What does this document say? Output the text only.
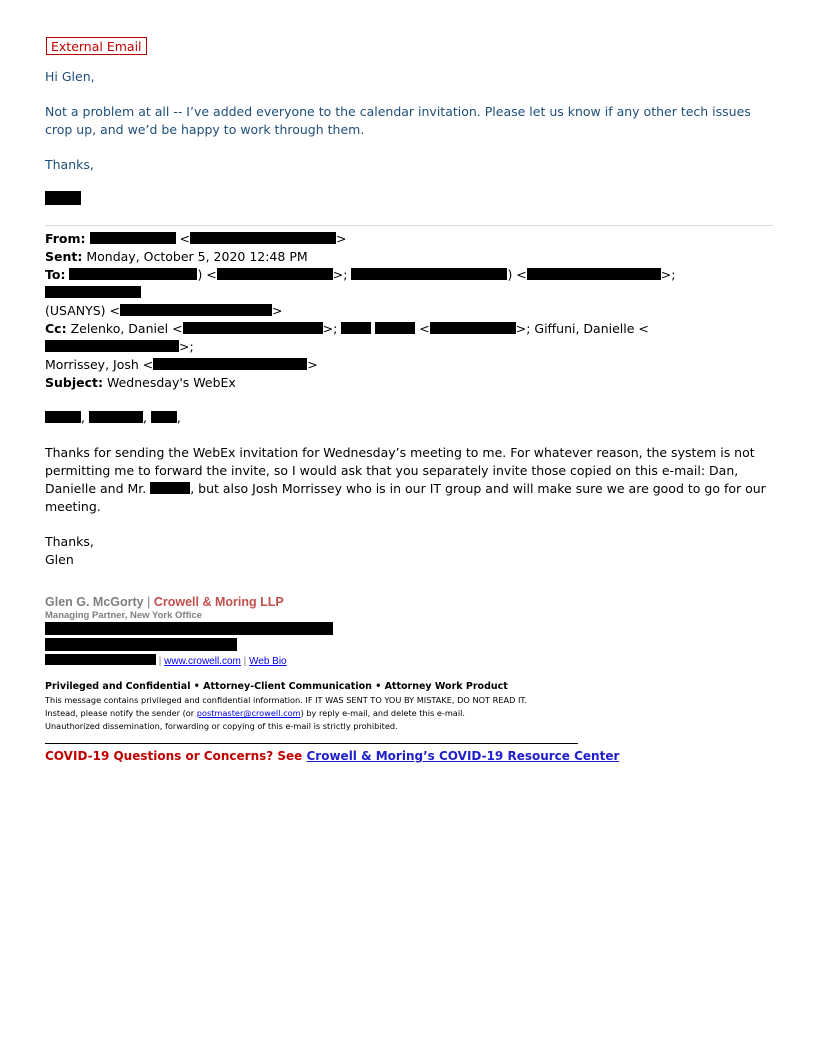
External Email

Hi Glen,

Not a problem at all -- I’ve added everyone to the calendar invitation. Please let us know if any other tech issues crop up, and we’d be happy to work through them.

Thanks,

From:	<	>
Sent: Monday, October 5, 2020 12:48 PM
To:	) <	>;	) <	>;
(USANYS) <	>
Cc: Zelenko, Daniel <	>;	<	>; Giffuni, Danielle <>;
Morrissey, Josh <	>
Subject: Wednesday's WebEx
,	, ,

Thanks for sending the WebEx invitation for Wednesday’s meeting to me. For whatever reason, the system is not permitting me to forward the invite, so I would ask that you separately invite those copied on this e-mail: Dan, Danielle and Mr.	, but also Josh Morrissey who is in our IT group and will make sure we are good to go for our meeting.

Thanks,

Glen

Glen G. McGorty | Crowell & Moring LLP
Managing Partner, New York Office
| www.crowell.com | Web Bio
Privileged and Confidential • Attorney-Client Communication • Attorney Work Product
This message contains privileged and confidential information. IF IT WAS SENT TO YOU BY MISTAKE, DO NOT READ IT.
Instead, please notify the sender (or postmaster@crowell.com) by reply e-mail, and delete this e-mail.
Unauthorized dissemination, forwarding or copying of this e-mail is strictly prohibited.
COVID-19 Questions or Concerns? See Crowell & Moring’s COVID-19 Resource Center
